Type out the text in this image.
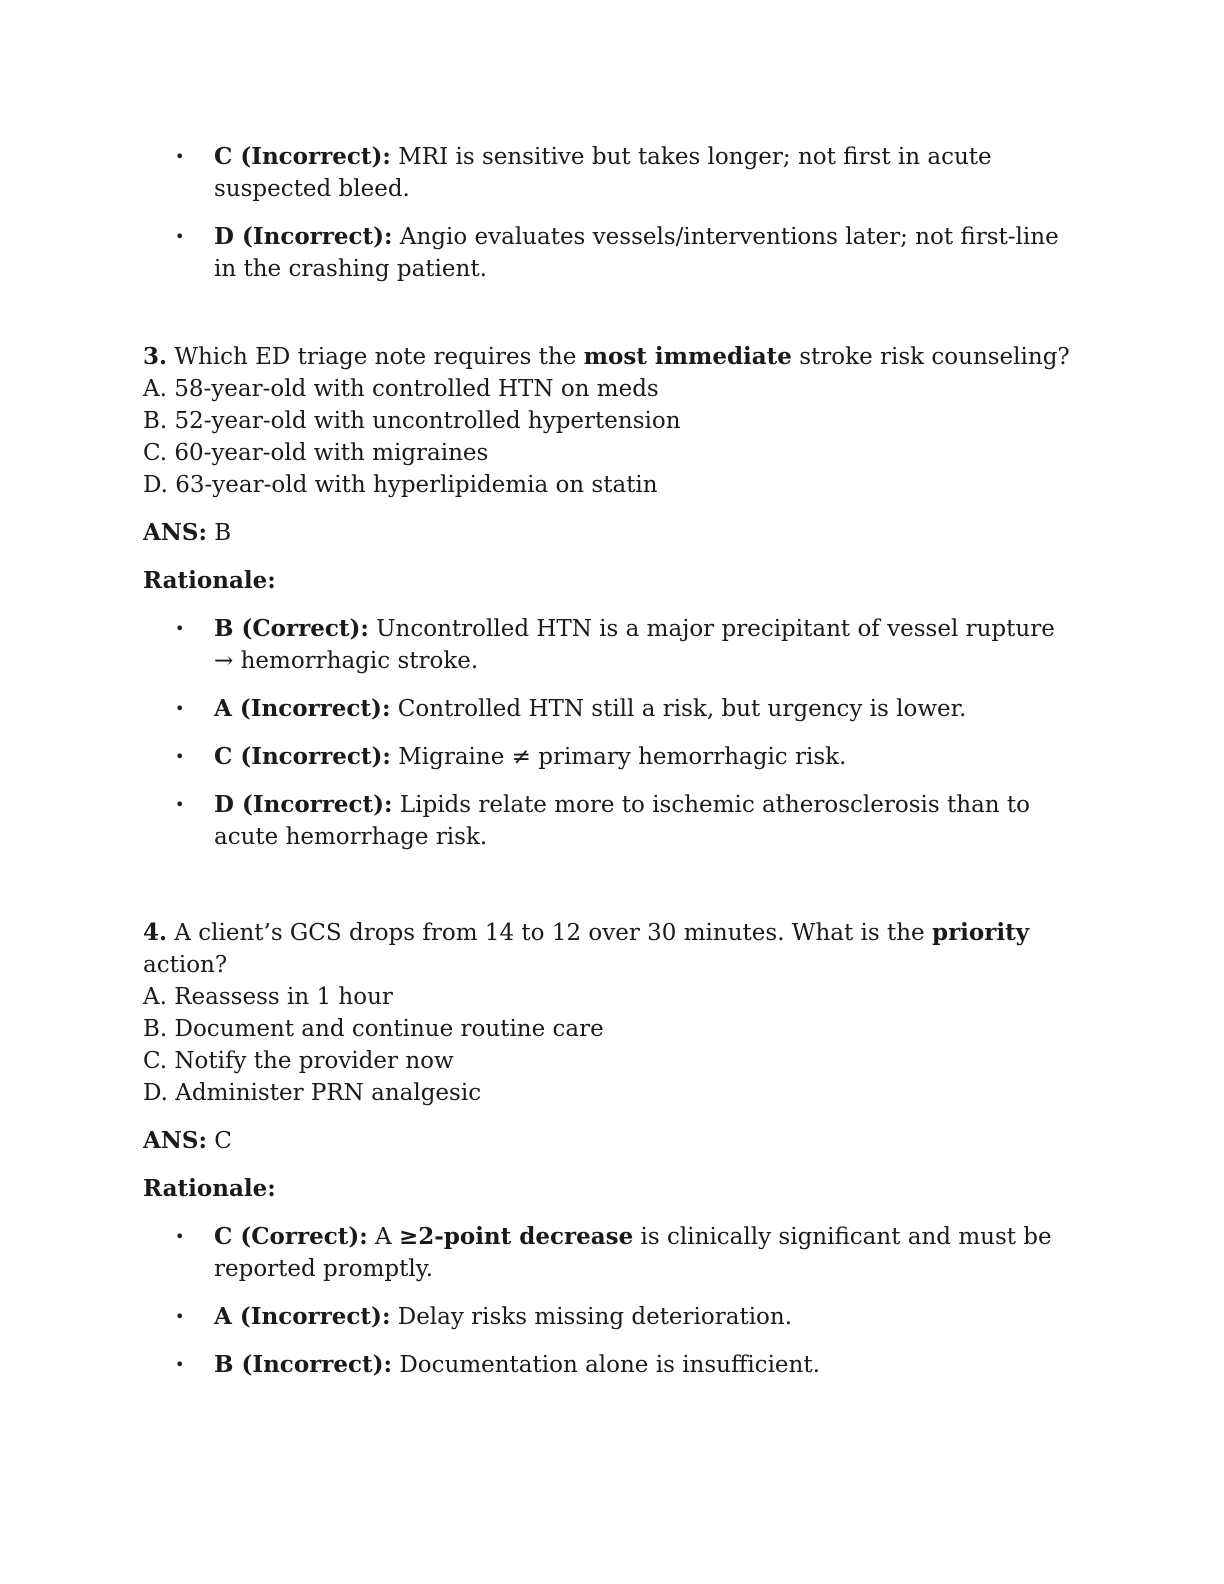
• C (Incorrect): MRI is sensitive but takes longer; not first in acute suspected bleed.
• D (Incorrect): Angio evaluates vessels/interventions later; not first-line in the crashing patient.

3. Which ED triage note requires the most immediate stroke risk counseling?

A. 58-year-old with controlled HTN on meds

B. 52-year-old with uncontrolled hypertension

C. 60-year-old with migraines

D. 63-year-old with hyperlipidemia on statin

ANS: B

Rationale:

• B (Correct): Uncontrolled HTN is a major precipitant of vessel rupture → hemorrhagic stroke.
• A (Incorrect): Controlled HTN still a risk, but urgency is lower.
• C (Incorrect): Migraine ≠ primary hemorrhagic risk.
• D (Incorrect): Lipids relate more to ischemic atherosclerosis than to acute hemorrhage risk.

4. A client’s GCS drops from 14 to 12 over 30 minutes. What is the priority action?

A. Reassess in 1 hour

B. Document and continue routine care

C. Notify the provider now

D. Administer PRN analgesic

ANS: C

Rationale:

• C (Correct): A ≥2-point decrease is clinically significant and must be reported promptly.
• A (Incorrect): Delay risks missing deterioration.
• B (Incorrect): Documentation alone is insufficient.
